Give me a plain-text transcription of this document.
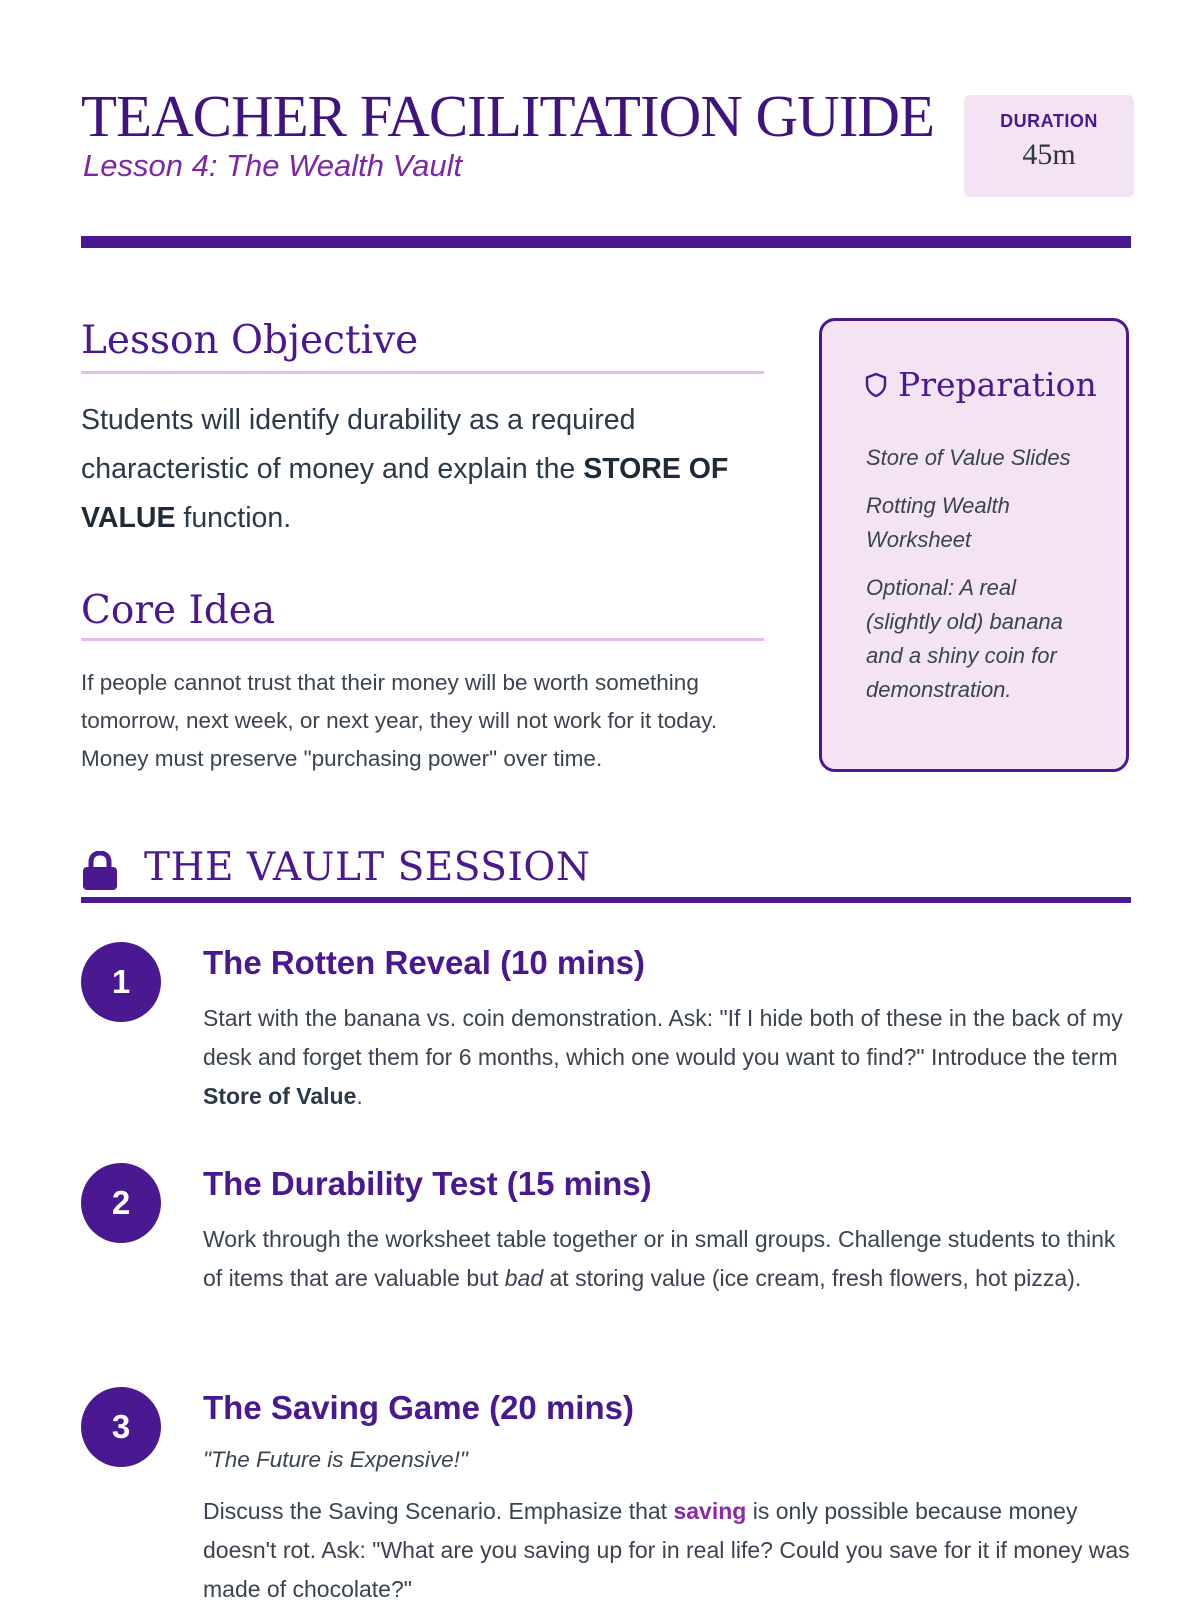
TEACHER FACILITATION GUIDE
Lesson 4: The Wealth Vault
DURATION
45m
Lesson Objective

Students will identify durability as a required characteristic of money and explain the STORE OF VALUE function.

Core Idea

If people cannot trust that their money will be worth something tomorrow, next week, or next year, they will not work for it today. Money must preserve "purchasing power" over time.

Preparation
Store of Value Slides
Rotting Wealth Worksheet
Optional: A real (slightly old) banana and a shiny coin for demonstration.
THE VAULT SESSION
1
The Rotten Reveal (10 mins)

Start with the banana vs. coin demonstration. Ask: "If I hide both of these in the back of my desk and forget them for 6 months, which one would you want to find?" Introduce the term Store of Value.

2
The Durability Test (15 mins)

Work through the worksheet table together or in small groups. Challenge students to think of items that are valuable but bad at storing value (ice cream, fresh flowers, hot pizza).

3
The Saving Game (20 mins)

"The Future is Expensive!"

Discuss the Saving Scenario. Emphasize that saving is only possible because money doesn't rot. Ask: "What are you saving up for in real life? Could you save for it if money was made of chocolate?"
